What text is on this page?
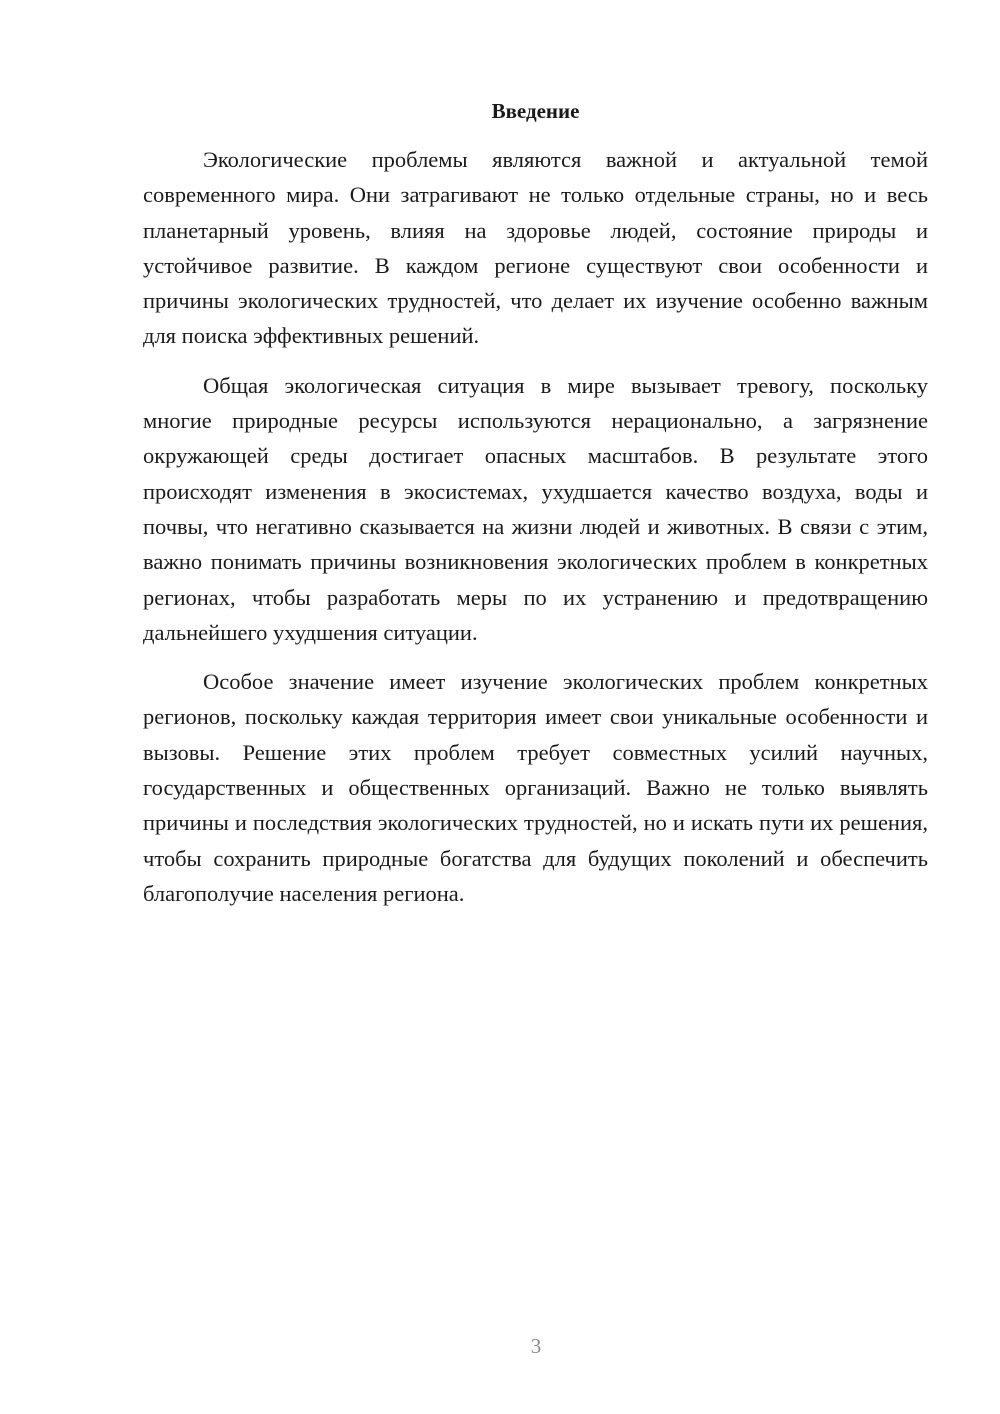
Введение

Экологические проблемы являются важной и актуальной темой современного мира. Они затрагивают не только отдельные страны, но и весь планетарный уровень, влияя на здоровье людей, состояние природы и устойчивое развитие. В каждом регионе существуют свои особенности и причины экологических трудностей, что делает их изучение особенно важным для поиска эффективных решений.

Общая экологическая ситуация в мире вызывает тревогу, поскольку многие природные ресурсы используются нерационально, а загрязнение окружающей среды достигает опасных масштабов. В результате этого происходят изменения в экосистемах, ухудшается качество воздуха, воды и почвы, что негативно сказывается на жизни людей и животных. В связи с этим, важно понимать причины возникновения экологических проблем в конкретных регионах, чтобы разработать меры по их устранению и предотвращению дальнейшего ухудшения ситуации.

Особое значение имеет изучение экологических проблем конкретных регионов, поскольку каждая территория имеет свои уникальные особенности и вызовы. Решение этих проблем требует совместных усилий научных, государственных и общественных организаций. Важно не только выявлять причины и последствия экологических трудностей, но и искать пути их решения, чтобы сохранить природные богатства для будущих поколений и обеспечить благополучие населения региона.

3
